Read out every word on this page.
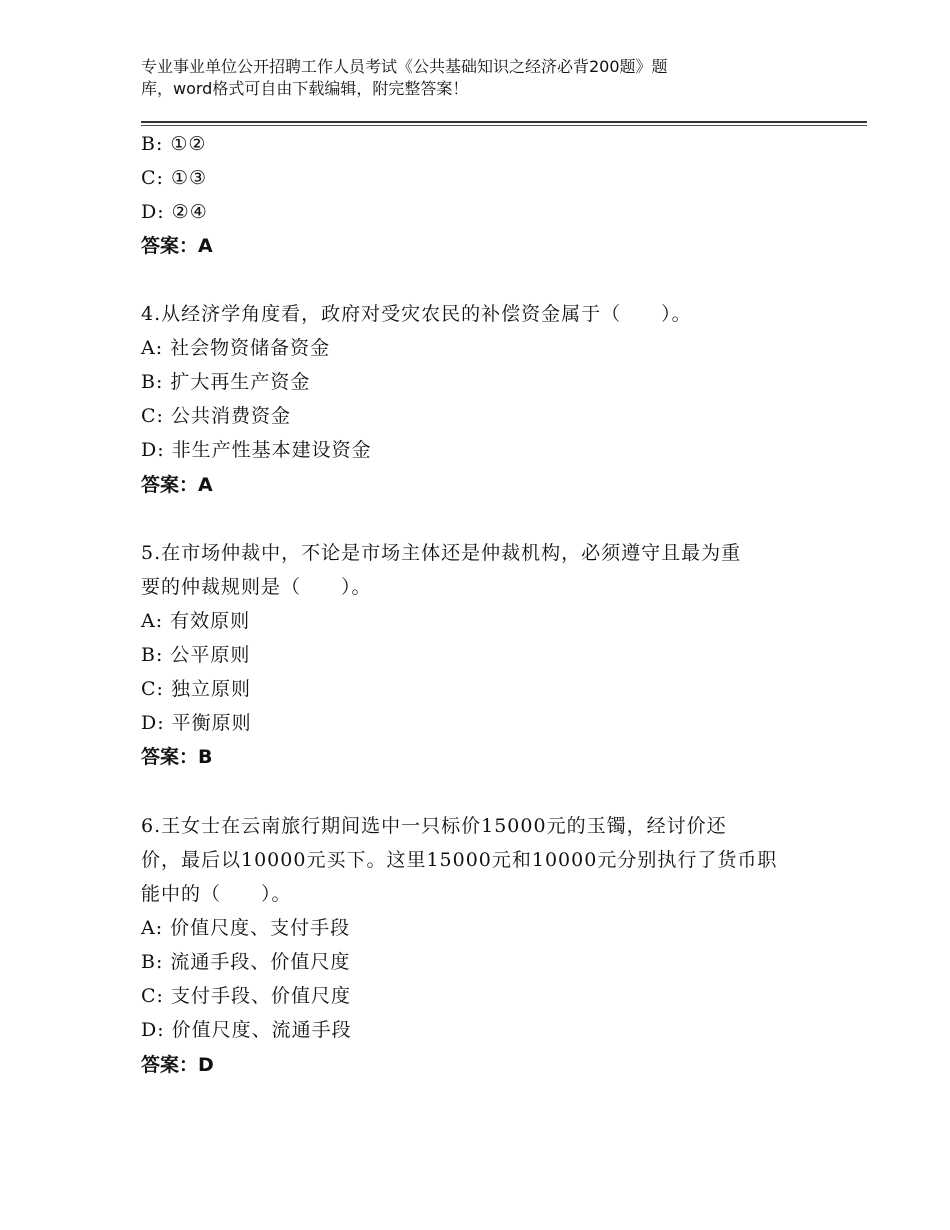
专业事业单位公开招聘工作人员考试《公共基础知识之经济必背200题》题
库，word格式可自由下载编辑，附完整答案！
B: ①②
C: ①③
D: ②④
答案：A
4.从经济学角度看，政府对受灾农民的补偿资金属于（　　）。
A: 社会物资储备资金
B: 扩大再生产资金
C: 公共消费资金
D: 非生产性基本建设资金
答案：A
5.在市场仲裁中，不论是市场主体还是仲裁机构，必须遵守且最为重
要的仲裁规则是（　　）。
A: 有效原则
B: 公平原则
C: 独立原则
D: 平衡原则
答案：B
6.王女士在云南旅行期间选中一只标价15000元的玉镯，经讨价还
价，最后以10000元买下。这里15000元和10000元分别执行了货币职
能中的（　　）。
A: 价值尺度、支付手段
B: 流通手段、价值尺度
C: 支付手段、价值尺度
D: 价值尺度、流通手段
答案：D
